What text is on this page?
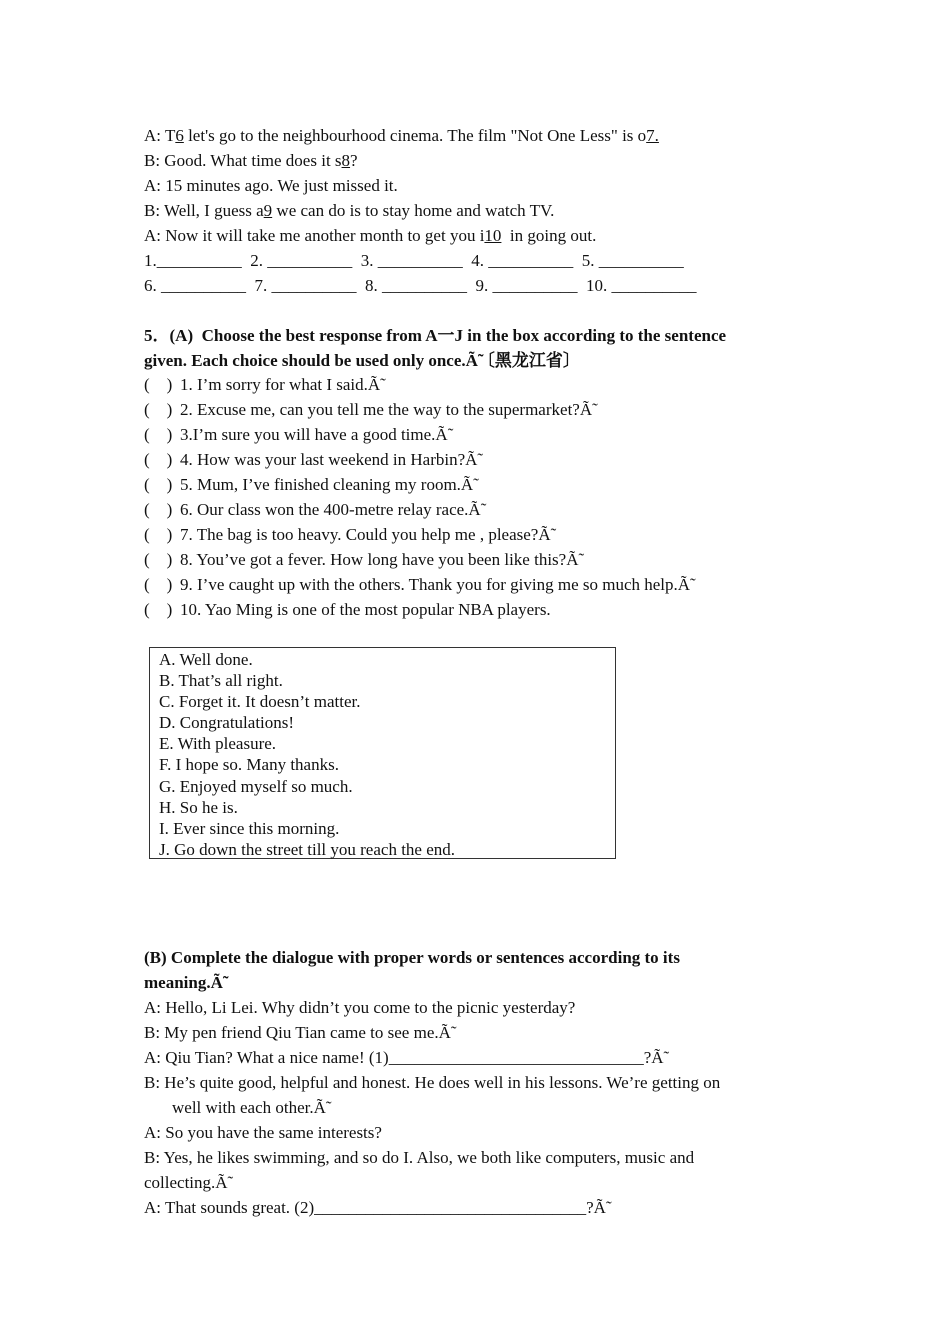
A: T6 let's go to the neighbourhood cinema. The film "Not One Less" is o7.
B: Good. What time does it s8?
A: 15 minutes ago. We just missed it.
B: Well, I guess a9 we can do is to stay home and watch TV.
A: Now it will take me another month to get you i10  in going out.
1.__________  2. __________  3. __________  4. __________  5. __________
6. __________  7. __________  8. __________  9. __________  10. __________
5．(A)  Choose the best response from A一J in the box according to the sentence
given. Each choice should be used only once.Ã̃〔黑龙江省〕
(    ) 1. I’m sorry for what I said.Ã̃
(    ) 2. Excuse me, can you tell me the way to the supermarket?Ã̃
(    ) 3.I’m sure you will have a good time.Ã̃
(    ) 4. How was your last weekend in Harbin?Ã̃
(    ) 5. Mum, I’ve finished cleaning my room.Ã̃
(    ) 6. Our class won the 400-metre relay race.Ã̃
(    ) 7. The bag is too heavy. Could you help me , please?Ã̃
(    ) 8. You’ve got a fever. How long have you been like this?Ã̃
(    ) 9. I’ve caught up with the others. Thank you for giving me so much help.Ã̃
(    ) 10. Yao Ming is one of the most popular NBA players.
A. Well done.
B. That’s all right.
C. Forget it. It doesn’t matter.
D. Congratulations!
E. With pleasure.
F. I hope so. Many thanks.
G. Enjoyed myself so much.
H. So he is.
I. Ever since this morning.
J. Go down the street till you reach the end.
(B) Complete the dialogue with proper words or sentences according to its
meaning.Ã̃
A: Hello, Li Lei. Why didn’t you come to the picnic yesterday?
B: My pen friend Qiu Tian came to see me.Ã̃
A: Qiu Tian? What a nice name! (1)______________________________?Ã̃
B: He’s quite good, helpful and honest. He does well in his lessons. We’re getting on
well with each other.Ã̃
A: So you have the same interests?
B: Yes, he likes swimming, and so do I. Also, we both like computers, music and
collecting.Ã̃
A: That sounds great. (2)________________________________?Ã̃
